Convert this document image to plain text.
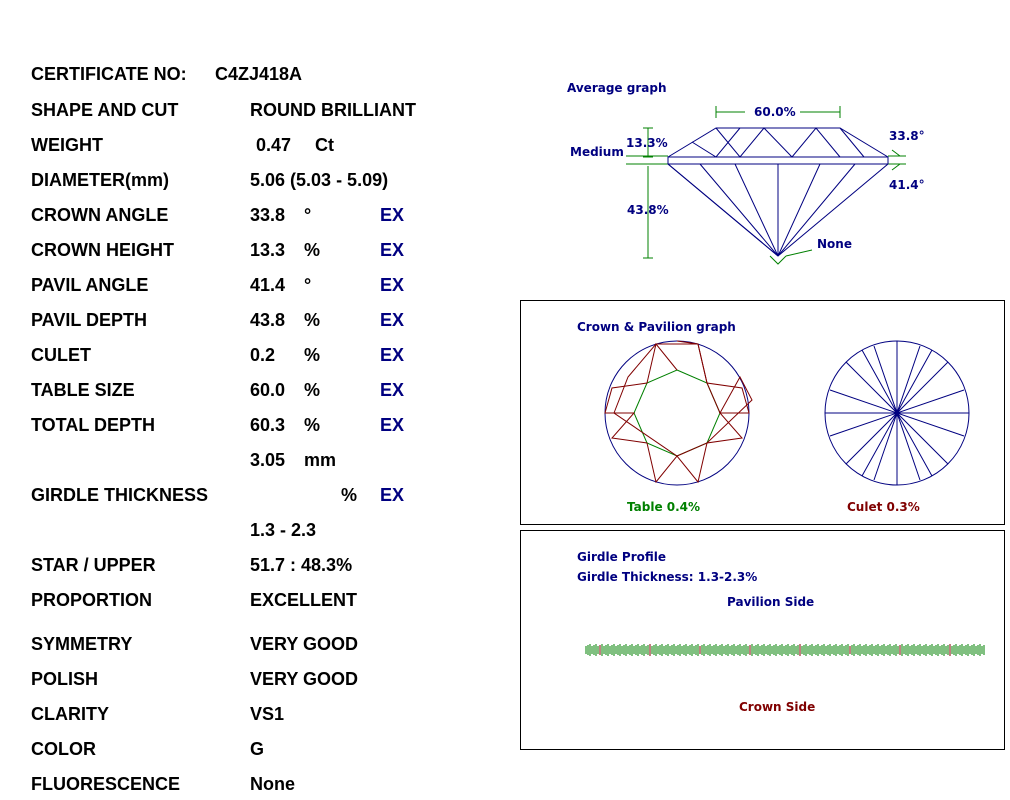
CERTIFICATE NO: C4ZJ418A
SHAPE AND CUT	ROUND BRILLIANT
WEIGHT	0.47 Ct
DIAMETER(mm)	5.06 (5.03 - 5.09)
CROWN ANGLE	33.8 °	EX
CROWN HEIGHT	13.3 %	EX
PAVIL ANGLE	41.4 °	EX
PAVIL DEPTH	43.8 %	EX
CULET	0.2 %	EX
TABLE SIZE	60.0 %	EX
TOTAL DEPTH	60.3 %	EX
3.05 mm
GIRDLE THICKNESS	% EX
1.3 - 2.3
STAR / UPPER	51.7 : 48.3%
PROPORTION	EXCELLENT
SYMMETRY	VERY GOOD
POLISH	VERY GOOD
CLARITY	VS1
COLOR	G
FLUORESCENCE	None
Average graph
60.0%
13.3%
Medium
43.8%
33.8°
41.4°
None
Crown & Pavilion graph
Table 0.4%	Culet 0.3%
Girdle Profile
Girdle Thickness: 1.3-2.3%
Pavilion Side
Crown Side
